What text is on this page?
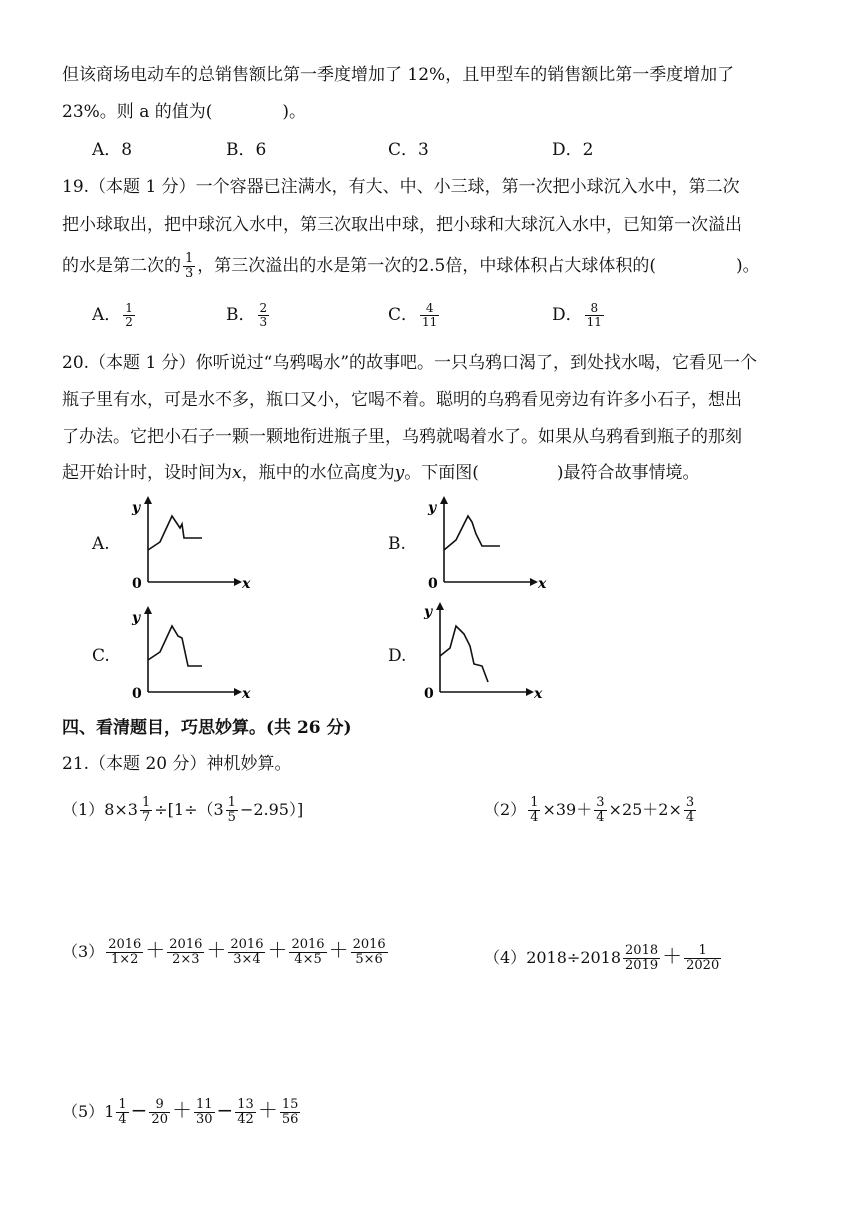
但该商场电动车的总销售额比第一季度增加了 12%，且甲型车的销售额比第一季度增加了
23%。则 a 的值为(	)。
A．8	B．6	C．3	D．2
19.（本题 1 分）一个容器已注满水，有大、中、小三球，第一次把小球沉入水中，第二次
把小球取出，把中球沉入水中，第三次取出中球，把小球和大球沉入水中，已知第一次溢出
的水是第二次的 $\frac{1}{3}$ ，第三次溢出的水是第一次的2.5倍，中球体积占大球体积的(	)。
A． $\frac{1}{2}$	B． $\frac{2}{3}$	C． $\frac{4}{11}$	D． $\frac{8}{11}$
20.（本题 1 分）你听说过“乌鸦喝水”的故事吧。一只乌鸦口渴了，到处找水喝，它看见一个
瓶子里有水，可是水不多，瓶口又小，它喝不着。聪明的乌鸦看见旁边有许多小石子，想出
了办法。它把小石子一颗一颗地衔进瓶子里，乌鸦就喝着水了。如果从乌鸦看到瓶子的那刻
起开始计时，设时间为x，瓶中的水位高度为y。下面图(	)最符合故事情境。
A.
y
0	x
B.
y
0	x
C.
y
0	x
D.
y
0	x
四、看清题目，巧思妙算。(共 26 分)
21.（本题 20 分）神机妙算。
$(1)8\times 3 \frac{1}{7} \div[1\div(3 \frac{1}{5} -2.95)]$	$(2) \frac{1}{4} \times 39+ \frac{3}{4} \times 25+2\times \frac{3}{4}$
$(3) \frac{2016}{1\times 2} + \frac{2016}{2\times 3} + \frac{2016}{3\times 4} + \frac{2016}{4\times 5} + \frac{2016}{5\times 6}$	$(4)2018\div 2018 \frac{2018}{2019} + \frac{1}{2020}$
$(5)1 \frac{1}{4} - \frac{9}{20} + \frac{11}{30} - \frac{13}{42} + \frac{15}{56}$
